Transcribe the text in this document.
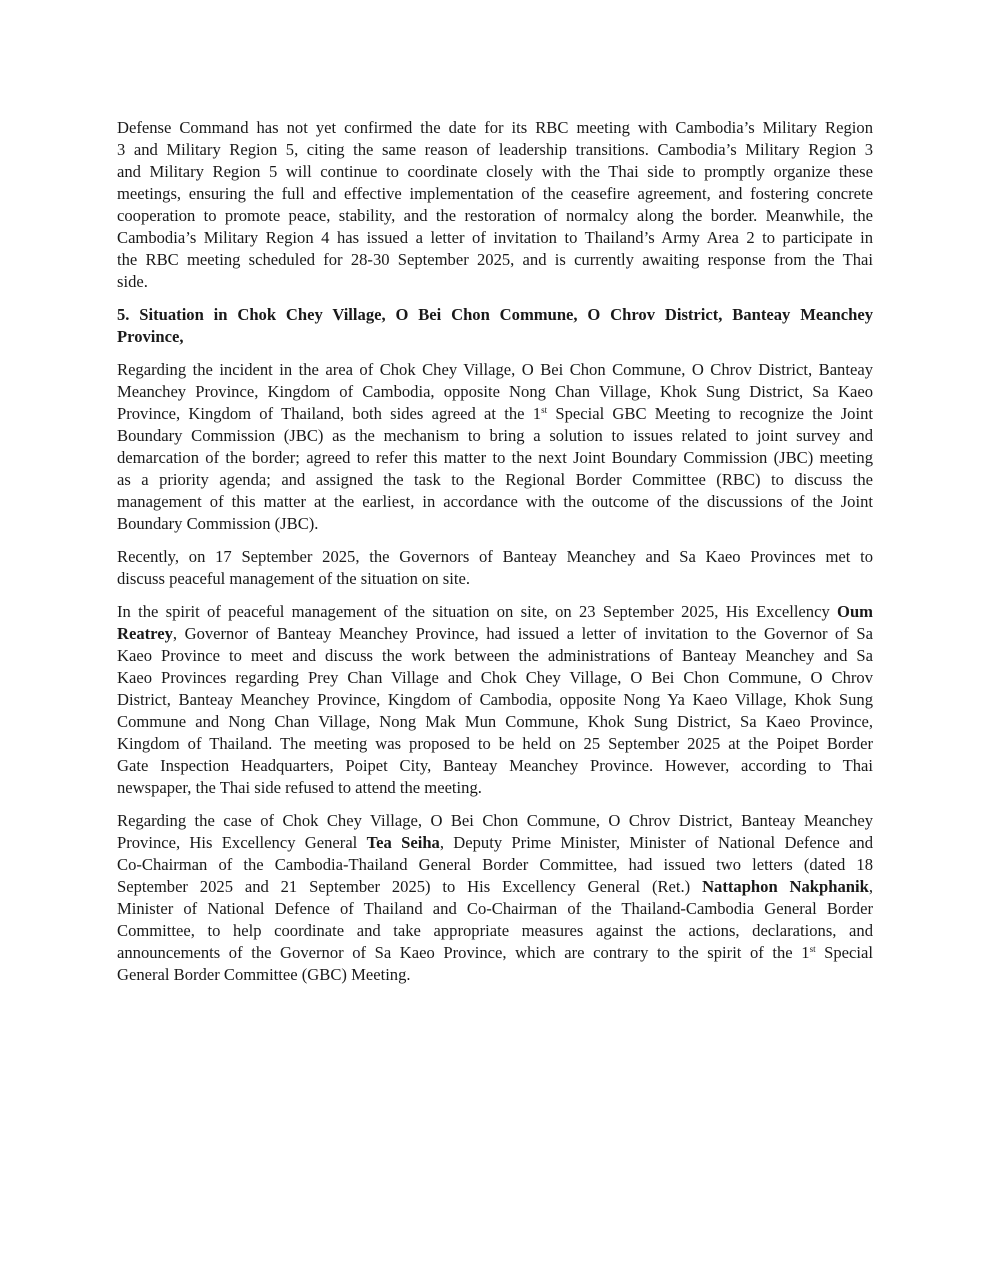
Defense Command has not yet confirmed the date for its RBC meeting with Cambodia’s Military Region
3 and Military Region 5, citing the same reason of leadership transitions. Cambodia’s Military Region 3
and Military Region 5 will continue to coordinate closely with the Thai side to promptly organize these
meetings, ensuring the full and effective implementation of the ceasefire agreement, and fostering concrete
cooperation to promote peace, stability, and the restoration of normalcy along the border. Meanwhile, the
Cambodia’s Military Region 4 has issued a letter of invitation to Thailand’s Army Area 2 to participate in
the RBC meeting scheduled for 28-30 September 2025, and is currently awaiting response from the Thai
side.
5. Situation in Chok Chey Village, O Bei Chon Commune, O Chrov District, Banteay Meanchey
Province,
Regarding the incident in the area of Chok Chey Village, O Bei Chon Commune, O Chrov District, Banteay
Meanchey Province, Kingdom of Cambodia, opposite Nong Chan Village, Khok Sung District, Sa Kaeo
Province, Kingdom of Thailand, both sides agreed at the 1st Special GBC Meeting to recognize the Joint
Boundary Commission (JBC) as the mechanism to bring a solution to issues related to joint survey and
demarcation of the border; agreed to refer this matter to the next Joint Boundary Commission (JBC) meeting
as a priority agenda; and assigned the task to the Regional Border Committee (RBC) to discuss the
management of this matter at the earliest, in accordance with the outcome of the discussions of the Joint
Boundary Commission (JBC).
Recently, on 17 September 2025, the Governors of Banteay Meanchey and Sa Kaeo Provinces met to
discuss peaceful management of the situation on site.
In the spirit of peaceful management of the situation on site, on 23 September 2025, His Excellency Oum
Reatrey, Governor of Banteay Meanchey Province, had issued a letter of invitation to the Governor of Sa
Kaeo Province to meet and discuss the work between the administrations of Banteay Meanchey and Sa
Kaeo Provinces regarding Prey Chan Village and Chok Chey Village, O Bei Chon Commune, O Chrov
District, Banteay Meanchey Province, Kingdom of Cambodia, opposite Nong Ya Kaeo Village, Khok Sung
Commune and Nong Chan Village, Nong Mak Mun Commune, Khok Sung District, Sa Kaeo Province,
Kingdom of Thailand. The meeting was proposed to be held on 25 September 2025 at the Poipet Border
Gate Inspection Headquarters, Poipet City, Banteay Meanchey Province. However, according to Thai
newspaper, the Thai side refused to attend the meeting.
Regarding the case of Chok Chey Village, O Bei Chon Commune, O Chrov District, Banteay Meanchey
Province, His Excellency General Tea Seiha, Deputy Prime Minister, Minister of National Defence and
Co-Chairman of the Cambodia-Thailand General Border Committee, had issued two letters (dated 18
September 2025 and 21 September 2025) to His Excellency General (Ret.) Nattaphon Nakphanik,
Minister of National Defence of Thailand and Co-Chairman of the Thailand-Cambodia General Border
Committee, to help coordinate and take appropriate measures against the actions, declarations, and
announcements of the Governor of Sa Kaeo Province, which are contrary to the spirit of the 1st Special
General Border Committee (GBC) Meeting.
